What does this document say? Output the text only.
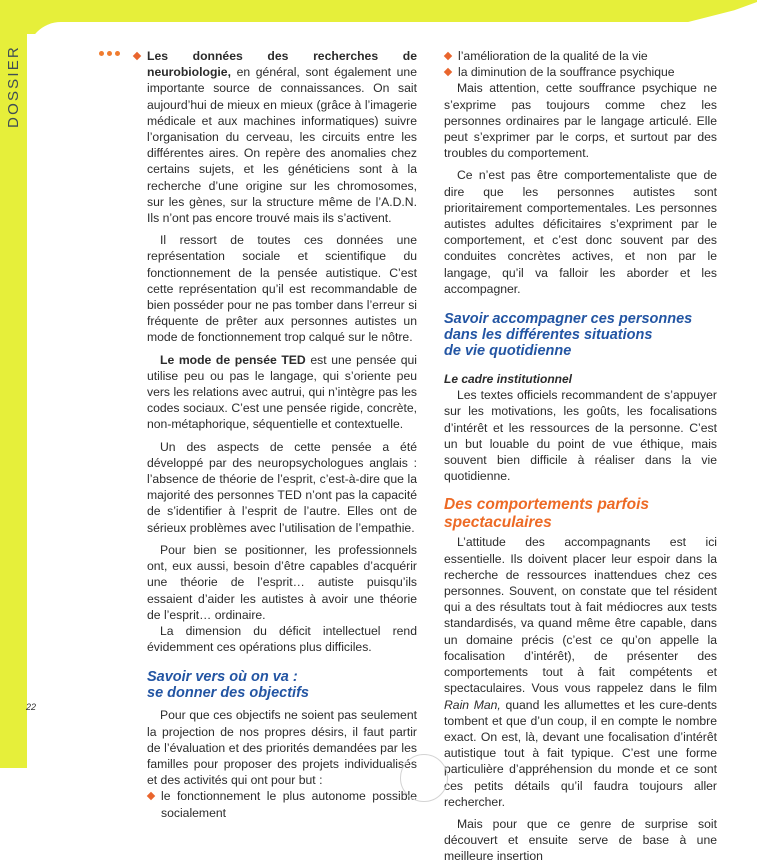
DOSSIER	Les données des recherches de neurobiologie, en général, sont également une importante source de connaissances. On sait aujourd’hui de mieux en mieux (grâce à l’imagerie médicale et aux machines informatiques) suivre l’organisation du cerveau, les circuits entre les différentes aires. On repère des anomalies chez certains sujets, et les généticiens sont à la recherche d’une origine sur les chromosomes, sur les gènes, sur la structure même de l’A.D.N. Ils n’ont pas encore trouvé mais ils s’activent.

Il ressort de toutes ces données une représentation sociale et scientifique du fonctionnement de la pensée autistique. C’est cette représentation qu’il est recommandable de bien posséder pour ne pas tomber dans l’erreur si fréquente de prêter aux personnes autistes un mode de fonctionnement trop calqué sur le nôtre.

Le mode de pensée TED est une pensée qui utilise peu ou pas le langage, qui s’oriente peu vers les relations avec autrui, qui n’intègre pas les codes sociaux. C’est une pensée rigide, concrète, non-métaphorique, séquentielle et contextuelle.

Un des aspects de cette pensée a été développé par des neuropsychologues anglais : l’absence de théorie de l’esprit, c’est-à-dire que la majorité des personnes TED n’ont pas la capacité de s’identifier à l’esprit de l’autre. Elles ont de sérieux problèmes avec l’utilisation de l’empathie.

Pour bien se positionner, les professionnels ont, eux aussi, besoin d’être capables d’acquérir une théorie de l’esprit… autiste puisqu’ils essaient d’aider les autistes à avoir une théorie de l’esprit… ordinaire.

La dimension du déficit intellectuel rend évidemment ces opérations plus difficiles.

Savoir vers où on va :
se donner des objectifs

Pour que ces objectifs ne soient pas seulement la projection de nos propres désirs, il faut partir de l’évaluation et des priorités demandées par les familles pour proposer des projets individualisés et des activités qui ont pour but :

le fonctionnement le plus autonome possible socialement

l’amélioration de la qualité de la vie

la diminution de la souffrance psychique

Mais attention, cette souffrance psychique ne s’exprime pas toujours comme chez les personnes ordinaires par le langage articulé. Elle peut s’exprimer par le corps, et surtout par des troubles du comportement.

Ce n’est pas être comportementaliste que de dire que les personnes autistes sont prioritairement comportementales. Les personnes autistes adultes déficitaires s’expriment par le comportement, et c’est donc souvent par des conduites concrètes actives, et non par le langage, qu’il va falloir les aborder et les accompagner.

Savoir accompagner ces personnes
dans les différentes situations
de vie quotidienne
Le cadre institutionnel

Les textes officiels recommandent de s’appuyer sur les motivations, les goûts, les focalisations d’intérêt et les ressources de la personne. C’est un but louable du point de vue éthique, mais souvent bien difficile à réaliser dans la vie quotidienne.

Des comportements parfois spectaculaires

L’attitude des accompagnants est ici essentielle. Ils doivent placer leur espoir dans la recherche de ressources inattendues chez ces personnes. Souvent, on constate que tel résident qui a des résultats tout à fait médiocres aux tests standardisés, va quand même être capable, dans un domaine précis (c’est ce qu’on appelle la focalisation d’intérêt), de présenter des comportements tout à fait compétents et spectaculaires. Vous vous rappelez dans le film Rain Man, quand les allumettes et les cure-dents tombent et que d’un coup, il en compte le nombre exact. On est, là, devant une focalisation d’intérêt autistique tout à fait typique. C’est une forme particulière d’appréhension du monde et ce sont ces petits détails qu’il faudra toujours aller rechercher.

Mais pour que ce genre de surprise soit découvert et ensuite serve de base à une meilleure insertion

22
